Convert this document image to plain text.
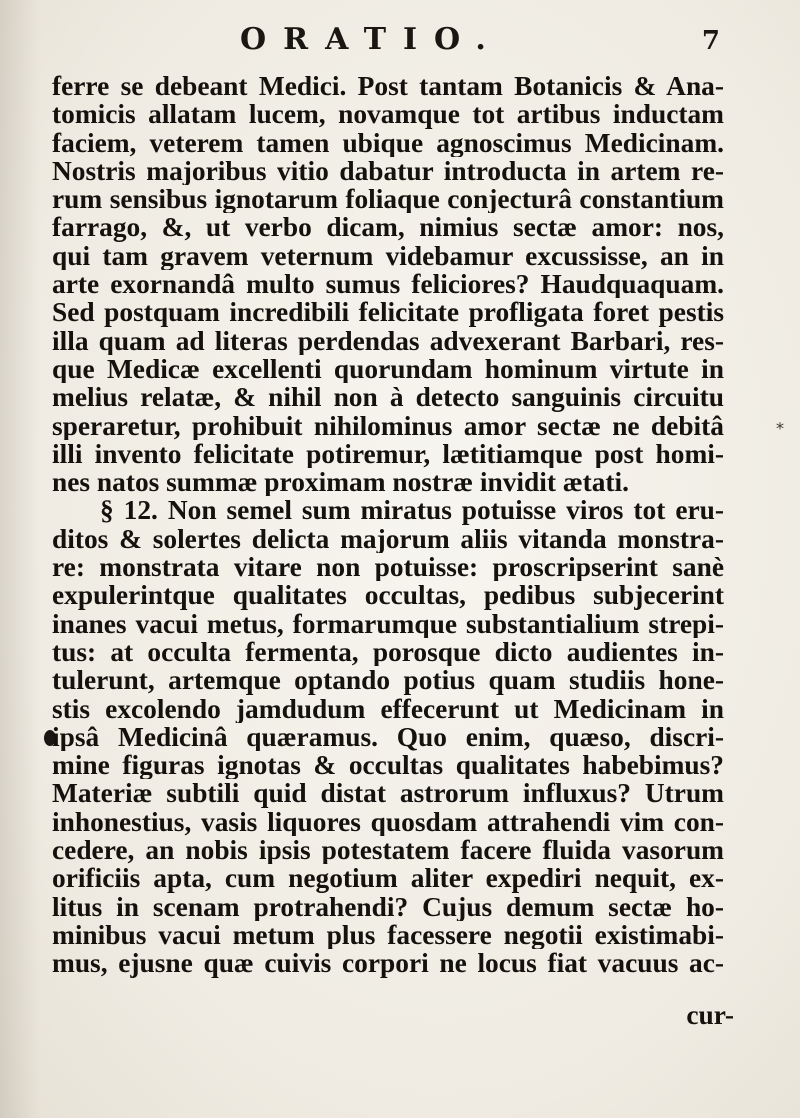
ORATIO.	7
⁎
ferre se debeant Medici. Post tantam Botanicis & Ana-
tomicis allatam lucem, novamque tot artibus inductam
faciem, veterem tamen ubique agnoscimus Medicinam.
Nostris majoribus vitio dabatur introducta in artem re-
rum sensibus ignotarum foliaque conjecturâ constantium
farrago, &, ut verbo dicam, nimius sectæ amor: nos,
qui tam gravem veternum videbamur excussisse, an in
arte exornandâ multo sumus feliciores? Haudquaquam.
Sed postquam incredibili felicitate profligata foret pestis
illa quam ad literas perdendas advexerant Barbari, res-
que Medicæ excellenti quorundam hominum virtute in
melius relatæ, & nihil non à detecto sanguinis circuitu
speraretur, prohibuit nihilominus amor sectæ ne debitâ
illi invento felicitate potiremur, lætitiamque post homi-
nes natos summæ proximam nostræ invidit ætati.
§ 12. Non semel sum miratus potuisse viros tot eru-
ditos & solertes delicta majorum aliis vitanda monstra-
re: monstrata vitare non potuisse: proscripserint sanè
expulerintque qualitates occultas, pedibus subjecerint
inanes vacui metus, formarumque substantialium strepi-
tus: at occulta fermenta, porosque dicto audientes in-
tulerunt, artemque optando potius quam studiis hone-
stis excolendo jamdudum effecerunt ut Medicinam in
ipsâ Medicinâ quæramus. Quo enim, quæso, discri-
mine figuras ignotas & occultas qualitates habebimus?
Materiæ subtili quid distat astrorum influxus? Utrum
inhonestius, vasis liquores quosdam attrahendi vim con-
cedere, an nobis ipsis potestatem facere fluida vasorum
orificiis apta, cum negotium aliter expediri nequit, ex-
litus in scenam protrahendi? Cujus demum sectæ ho-
minibus vacui metum plus facessere negotii existimabi-
mus, ejusne quæ cuivis corpori ne locus fiat vacuus ac-
cur-
